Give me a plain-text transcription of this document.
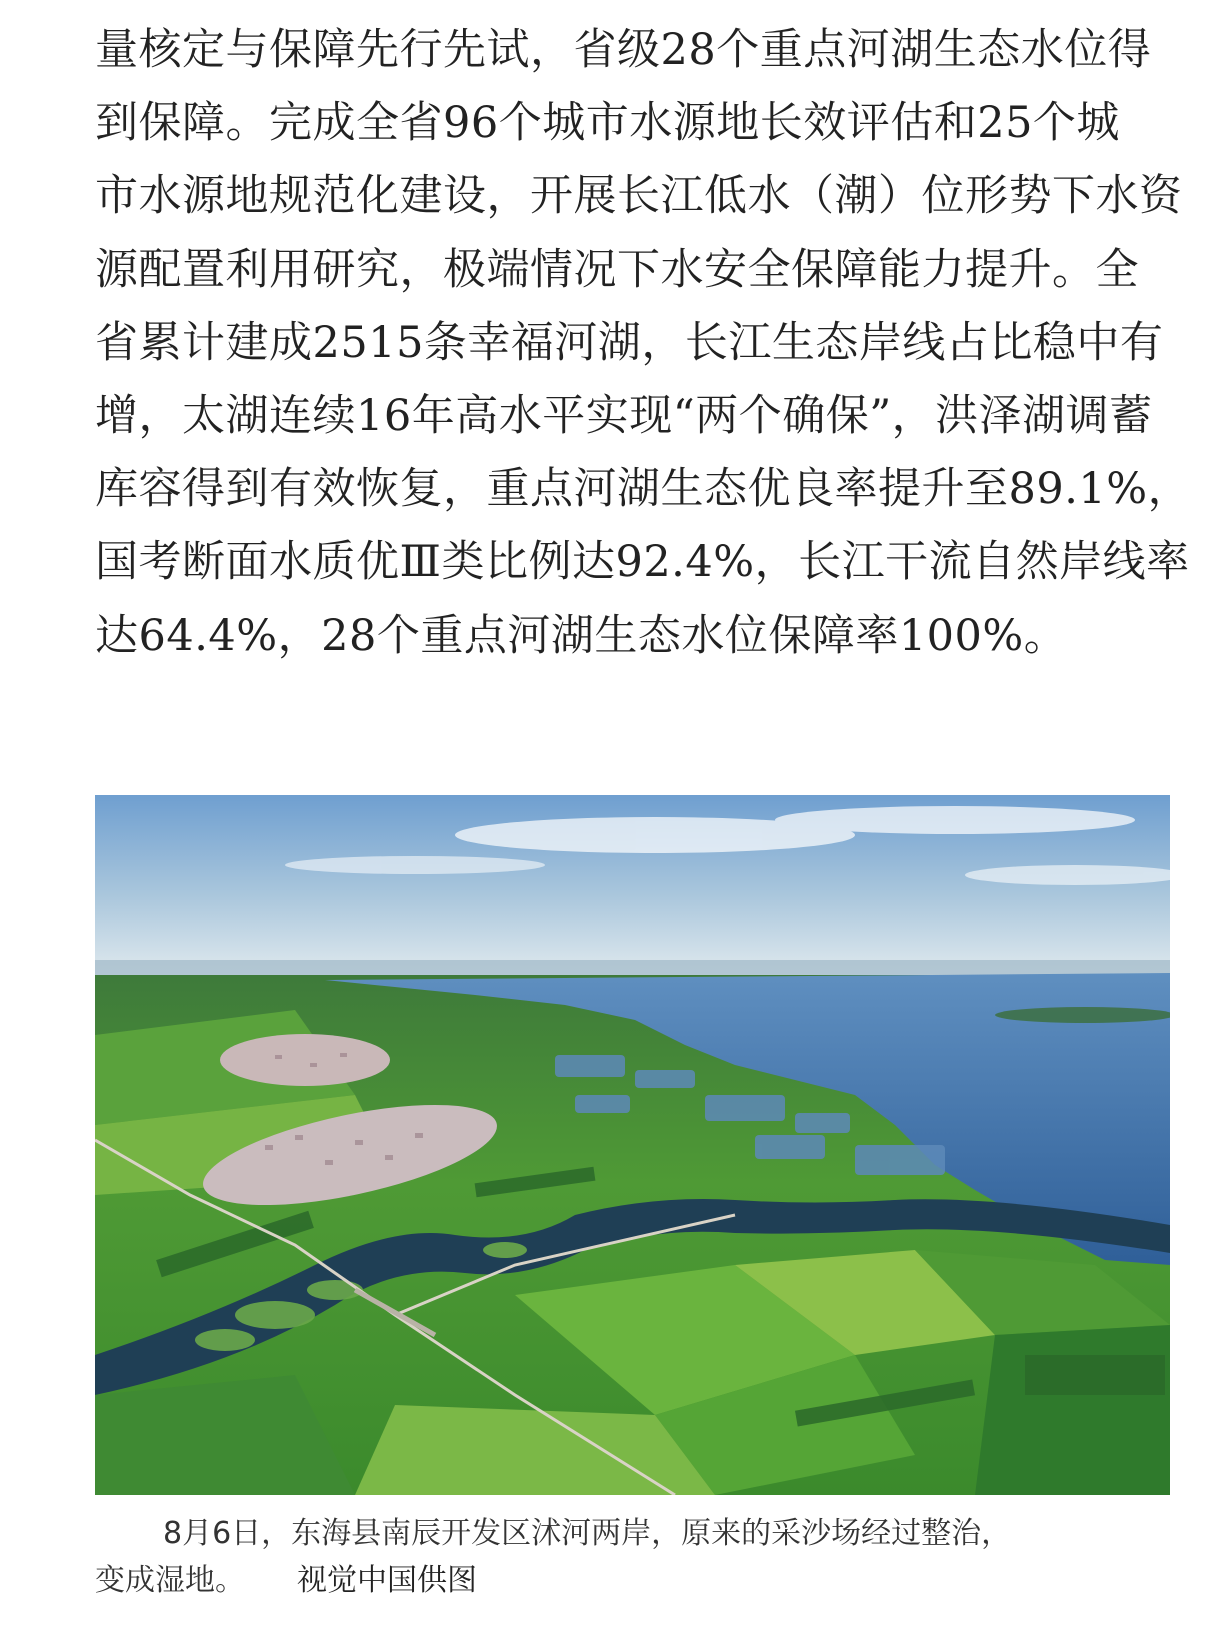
量核定与保障先行先试，省级28个重点河湖生态水位得
到保障。完成全省96个城市水源地长效评估和25个城
市水源地规范化建设，开展长江低水（潮）位形势下水资
源配置利用研究，极端情况下水安全保障能力提升。全
省累计建成2515条幸福河湖，长江生态岸线占比稳中有
增，太湖连续16年高水平实现“两个确保”，洪泽湖调蓄
库容得到有效恢复，重点河湖生态优良率提升至89.1%，
国考断面水质优Ⅲ类比例达92.4%，长江干流自然岸线率
达64.4%，28个重点河湖生态水位保障率100%。
8月6日，东海县南辰开发区沭河两岸，原来的采沙场经过整治，
变成湿地。 视觉中国供图
